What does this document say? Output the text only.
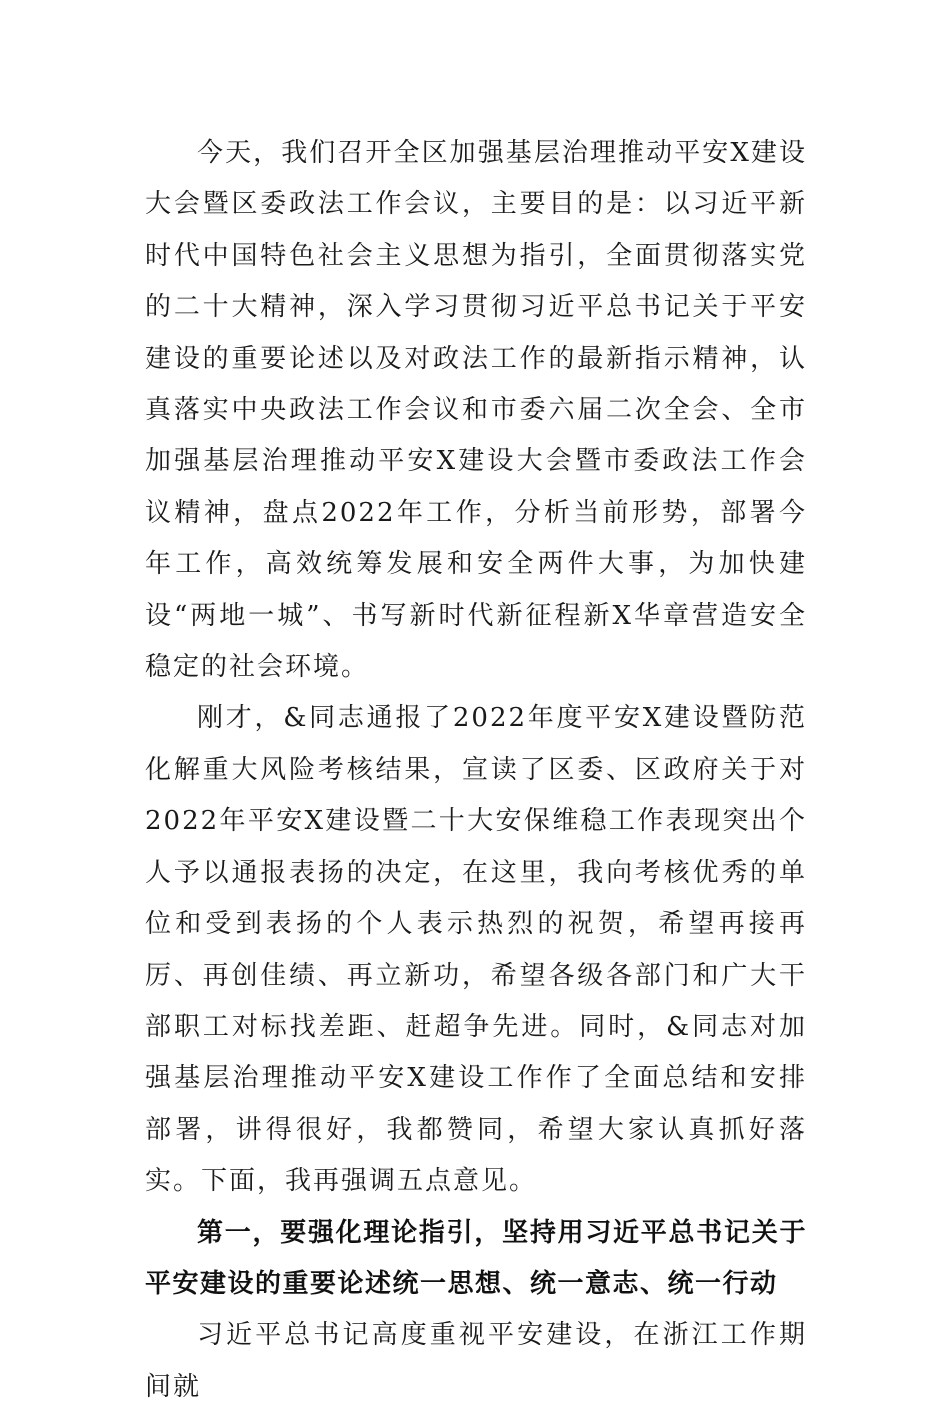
今天，我们召开全区加强基层治理推动平安X建设大会暨区委政法工作会议，主要目的是：以习近平新时代中国特色社会主义思想为指引，全面贯彻落实党的二十大精神，深入学习贯彻习近平总书记关于平安建设的重要论述以及对政法工作的最新指示精神，认真落实中央政法工作会议和市委六届二次全会、全市加强基层治理推动平安X建设大会暨市委政法工作会议精神，盘点2022年工作，分析当前形势，部署今年工作，高效统筹发展和安全两件大事，为加快建设“两地一城”、书写新时代新征程新X华章营造安全稳定的社会环境。

刚才，&同志通报了2022年度平安X建设暨防范化解重大风险考核结果，宣读了区委、区政府关于对2022年平安X建设暨二十大安保维稳工作表现突出个人予以通报表扬的决定，在这里，我向考核优秀的单位和受到表扬的个人表示热烈的祝贺，希望再接再厉、再创佳绩、再立新功，希望各级各部门和广大干部职工对标找差距、赶超争先进。同时，&同志对加强基层治理推动平安X建设工作作了全面总结和安排部署，讲得很好，我都赞同，希望大家认真抓好落实。下面，我再强调五点意见。

第一，要强化理论指引，坚持用习近平总书记关于平安建设的重要论述统一思想、统一意志、统一行动

习近平总书记高度重视平安建设，在浙江工作期间就
